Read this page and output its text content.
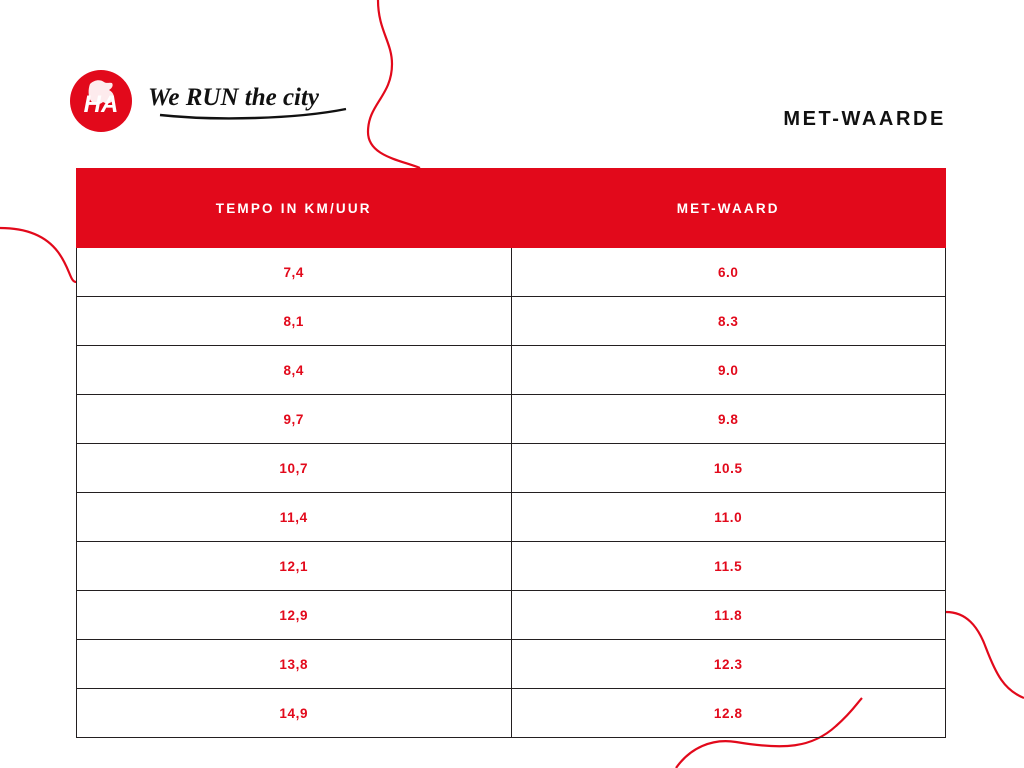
HA We RUN the city
MET-WAARDE
TEMPO IN KM/UUR	MET-WAARD
7,4	6.0
8,1	8.3
8,4	9.0
9,7	9.8
10,7	10.5
11,4	11.0
12,1	11.5
12,9	11.8
13,8	12.3
14,9	12.8
